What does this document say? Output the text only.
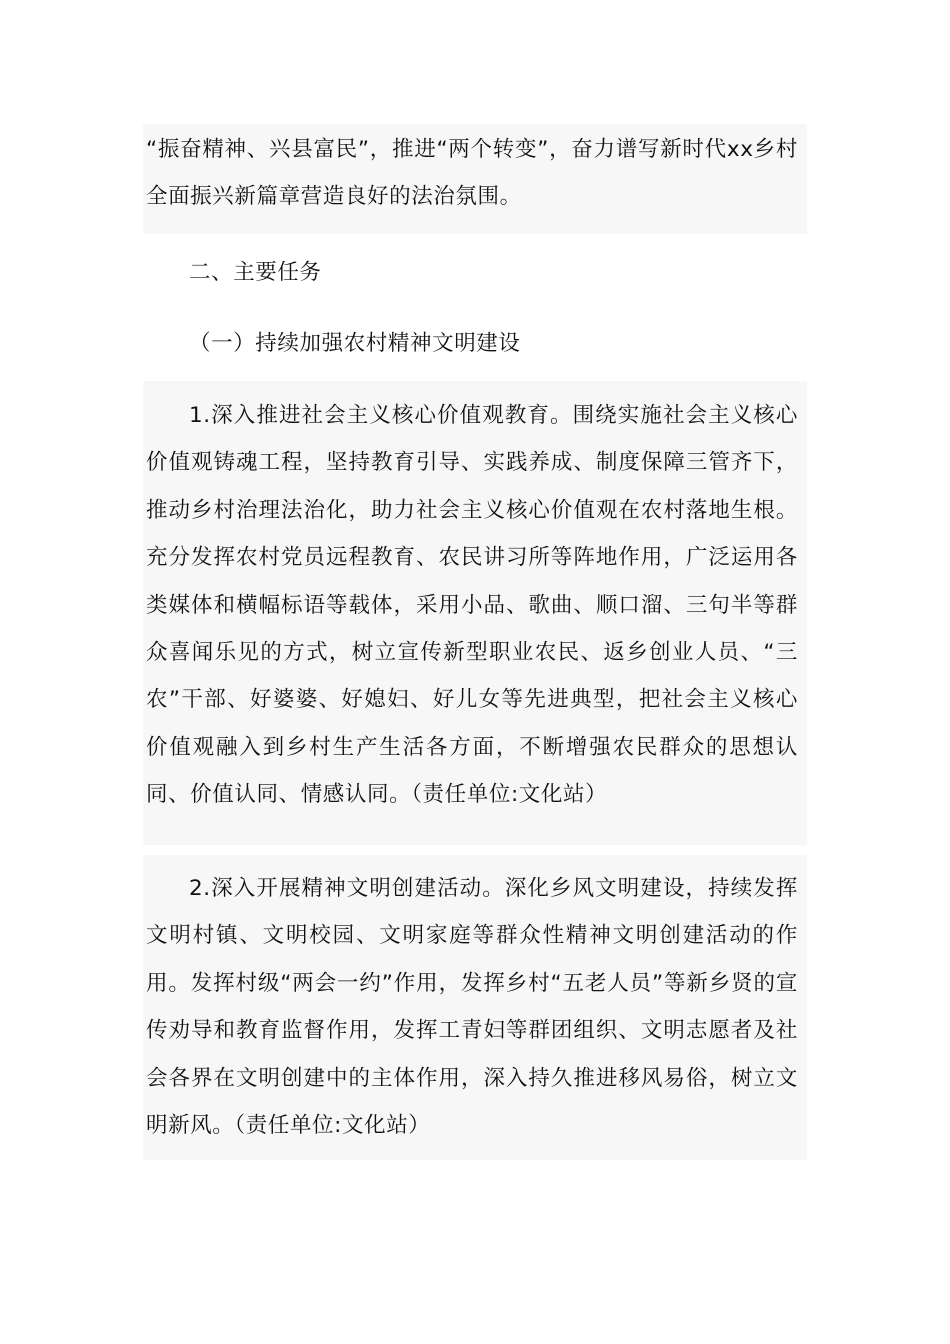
“振奋精神、兴县富民”，推进“两个转变”，奋力谱写新时代xx乡村全面振兴新篇章营造良好的法治氛围。

二、主要任务

（一）持续加强农村精神文明建设

1.深入推进社会主义核心价值观教育。围绕实施社会主义核心价值观铸魂工程，坚持教育引导、实践养成、制度保障三管齐下，推动乡村治理法治化，助力社会主义核心价值观在农村落地生根。充分发挥农村党员远程教育、农民讲习所等阵地作用，广泛运用各类媒体和横幅标语等载体，采用小品、歌曲、顺口溜、三句半等群众喜闻乐见的方式，树立宣传新型职业农民、返乡创业人员、“三农”干部、好婆婆、好媳妇、好儿女等先进典型，把社会主义核心价值观融入到乡村生产生活各方面，不断增强农民群众的思想认同、价值认同、情感认同。（责任单位:文化站）

2.深入开展精神文明创建活动。深化乡风文明建设，持续发挥文明村镇、文明校园、文明家庭等群众性精神文明创建活动的作用。发挥村级“两会一约”作用，发挥乡村“五老人员”等新乡贤的宣传劝导和教育监督作用，发挥工青妇等群团组织、文明志愿者及社会各界在文明创建中的主体作用，深入持久推进移风易俗，树立文明新风。（责任单位:文化站）
